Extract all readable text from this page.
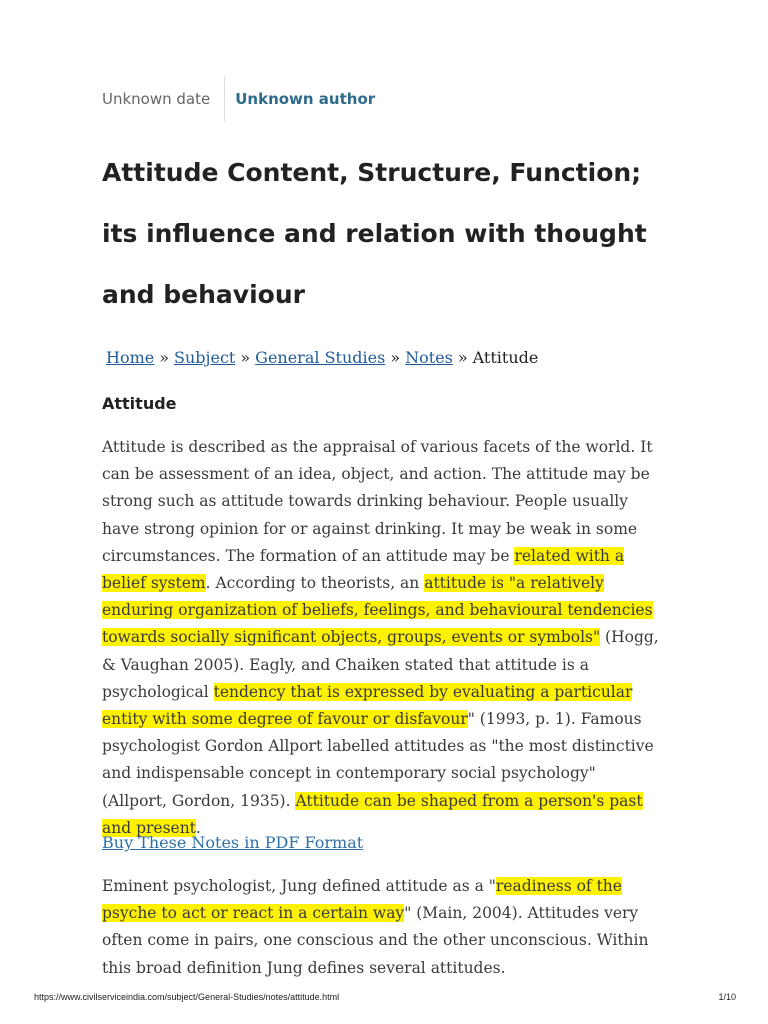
Unknown date	Unknown author
Attitude Content, Structure, Function; its influence and relation with thought and behaviour
Home » Subject » General Studies » Notes » Attitude
Attitude

Attitude is described as the appraisal of various facets of the world. It can be assessment of an idea, object, and action. The attitude may be strong such as attitude towards drinking behaviour. People usually have strong opinion for or against drinking. It may be weak in some circumstances. The formation of an attitude may be related with a belief system. According to theorists, an attitude is "a relatively enduring organization of beliefs, feelings, and behavioural tendencies towards socially significant objects, groups, events or symbols" (Hogg, & Vaughan 2005). Eagly, and Chaiken stated that attitude is a psychological tendency that is expressed by evaluating a particular entity with some degree of favour or disfavour" (1993, p. 1). Famous psychologist Gordon Allport labelled attitudes as "the most distinctive and indispensable concept in contemporary social psychology" (Allport, Gordon, 1935). Attitude can be shaped from a person's past and present.

Buy These Notes in PDF Format

Eminent psychologist, Jung defined attitude as a "readiness of the psyche to act or react in a certain way" (Main, 2004). Attitudes very often come in pairs, one conscious and the other unconscious. Within this broad definition Jung defines several attitudes.

https://www.civilserviceindia.com/subject/General-Studies/notes/attitude.html	1/10
